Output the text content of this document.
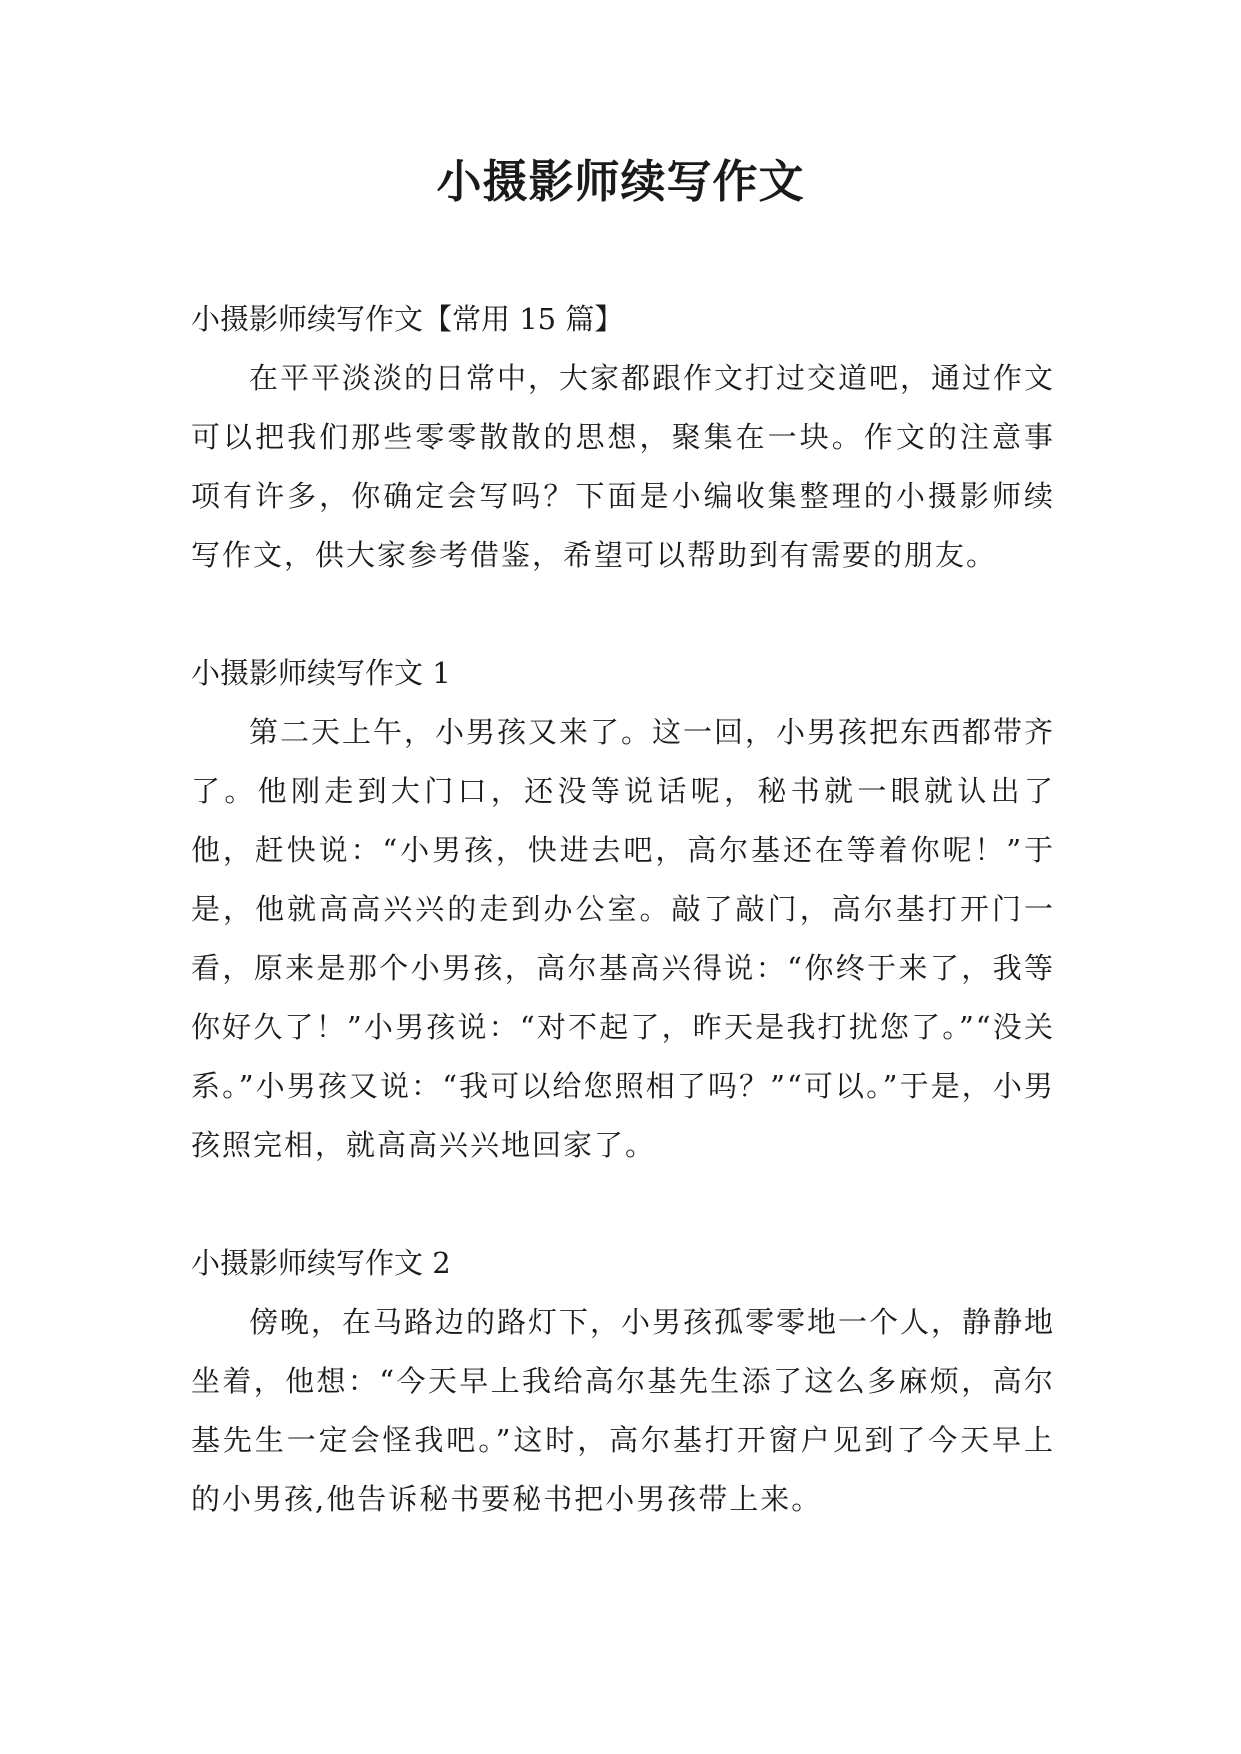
小摄影师续写作文
小摄影师续写作文【常用 15 篇】

在平平淡淡的日常中，大家都跟作文打过交道吧，通过作文可以把我们那些零零散散的思想，聚集在一块。作文的注意事项有许多，你确定会写吗？下面是小编收集整理的小摄影师续写作文，供大家参考借鉴，希望可以帮助到有需要的朋友。

小摄影师续写作文 1

第二天上午，小男孩又来了。这一回，小男孩把东西都带齐了。他刚走到大门口，还没等说话呢，秘书就一眼就认出了他，赶快说：“小男孩，快进去吧，高尔基还在等着你呢！”于是，他就高高兴兴的走到办公室。敲了敲门，高尔基打开门一看，原来是那个小男孩，高尔基高兴得说：“你终于来了，我等你好久了！”小男孩说：“对不起了，昨天是我打扰您了。”“没关系。”小男孩又说：“我可以给您照相了吗？”“可以。”于是，小男孩照完相，就高高兴兴地回家了。

小摄影师续写作文 2

傍晚，在马路边的路灯下，小男孩孤零零地一个人，静静地坐着，他想：“今天早上我给高尔基先生添了这么多麻烦，高尔基先生一定会怪我吧。”这时，高尔基打开窗户见到了今天早上的小男孩,他告诉秘书要秘书把小男孩带上来。
